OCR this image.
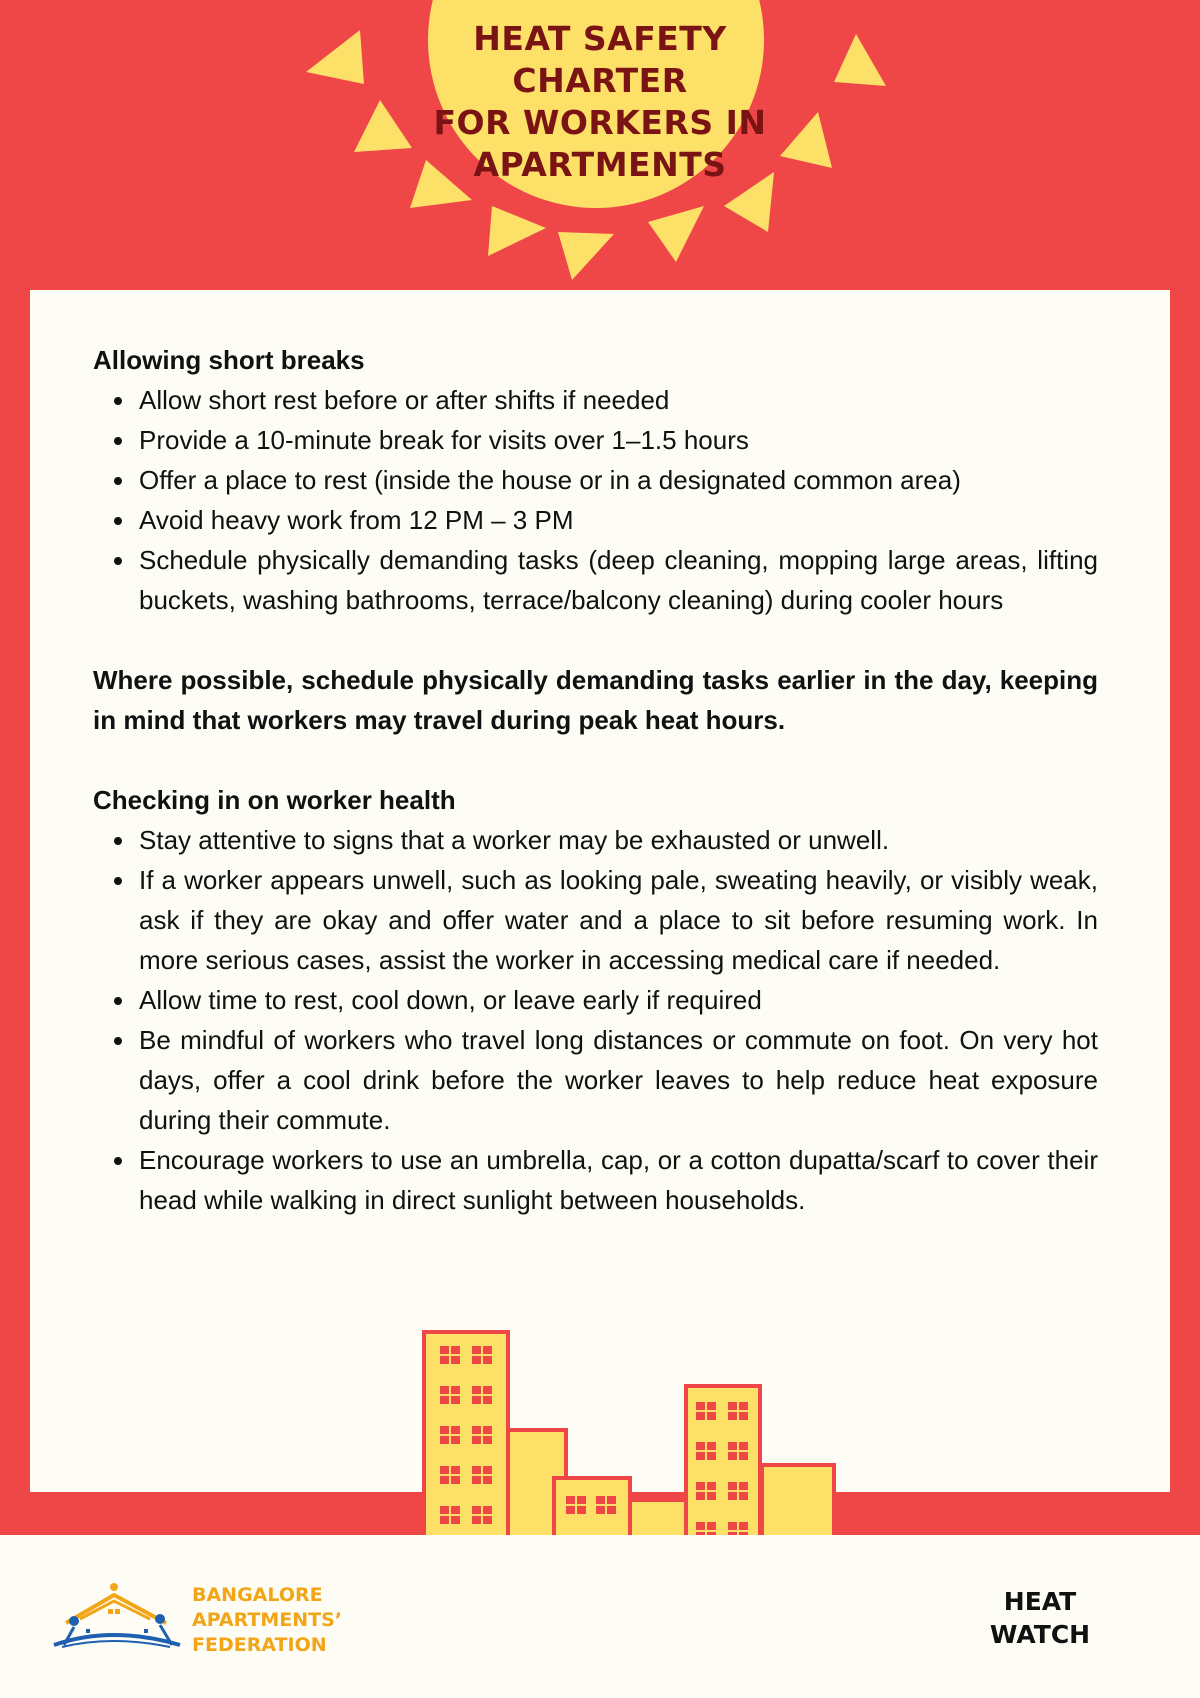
HEAT SAFETY CHARTER
FOR WORKERS IN
APARTMENTS
Allowing short breaks
Allow short rest before or after shifts if needed
Provide a 10-minute break for visits over 1–1.5 hours
Offer a place to rest (inside the house or in a designated common area)
Avoid heavy work from 12 PM – 3 PM
Schedule physically demanding tasks (deep cleaning, mopping large areas, lifting buckets, washing bathrooms, terrace/balcony cleaning) during cooler hours

Where possible, schedule physically demanding tasks earlier in the day, keeping in mind that workers may travel during peak heat hours.

Checking in on worker health
Stay attentive to signs that a worker may be exhausted or unwell.
If a worker appears unwell, such as looking pale, sweating heavily, or visibly weak, ask if they are okay and offer water and a place to sit before resuming work. In more serious cases, assist the worker in accessing medical care if needed.
Allow time to rest, cool down, or leave early if required
Be mindful of workers who travel long distances or commute on foot. On very hot days, offer a cool drink before the worker leaves to help reduce heat exposure during their commute.
Encourage workers to use an umbrella, cap, or a cotton dupatta/scarf to cover their head while walking in direct sunlight between households.
BANGALORE
APARTMENTS’
FEDERATION
HEAT
WATCH
